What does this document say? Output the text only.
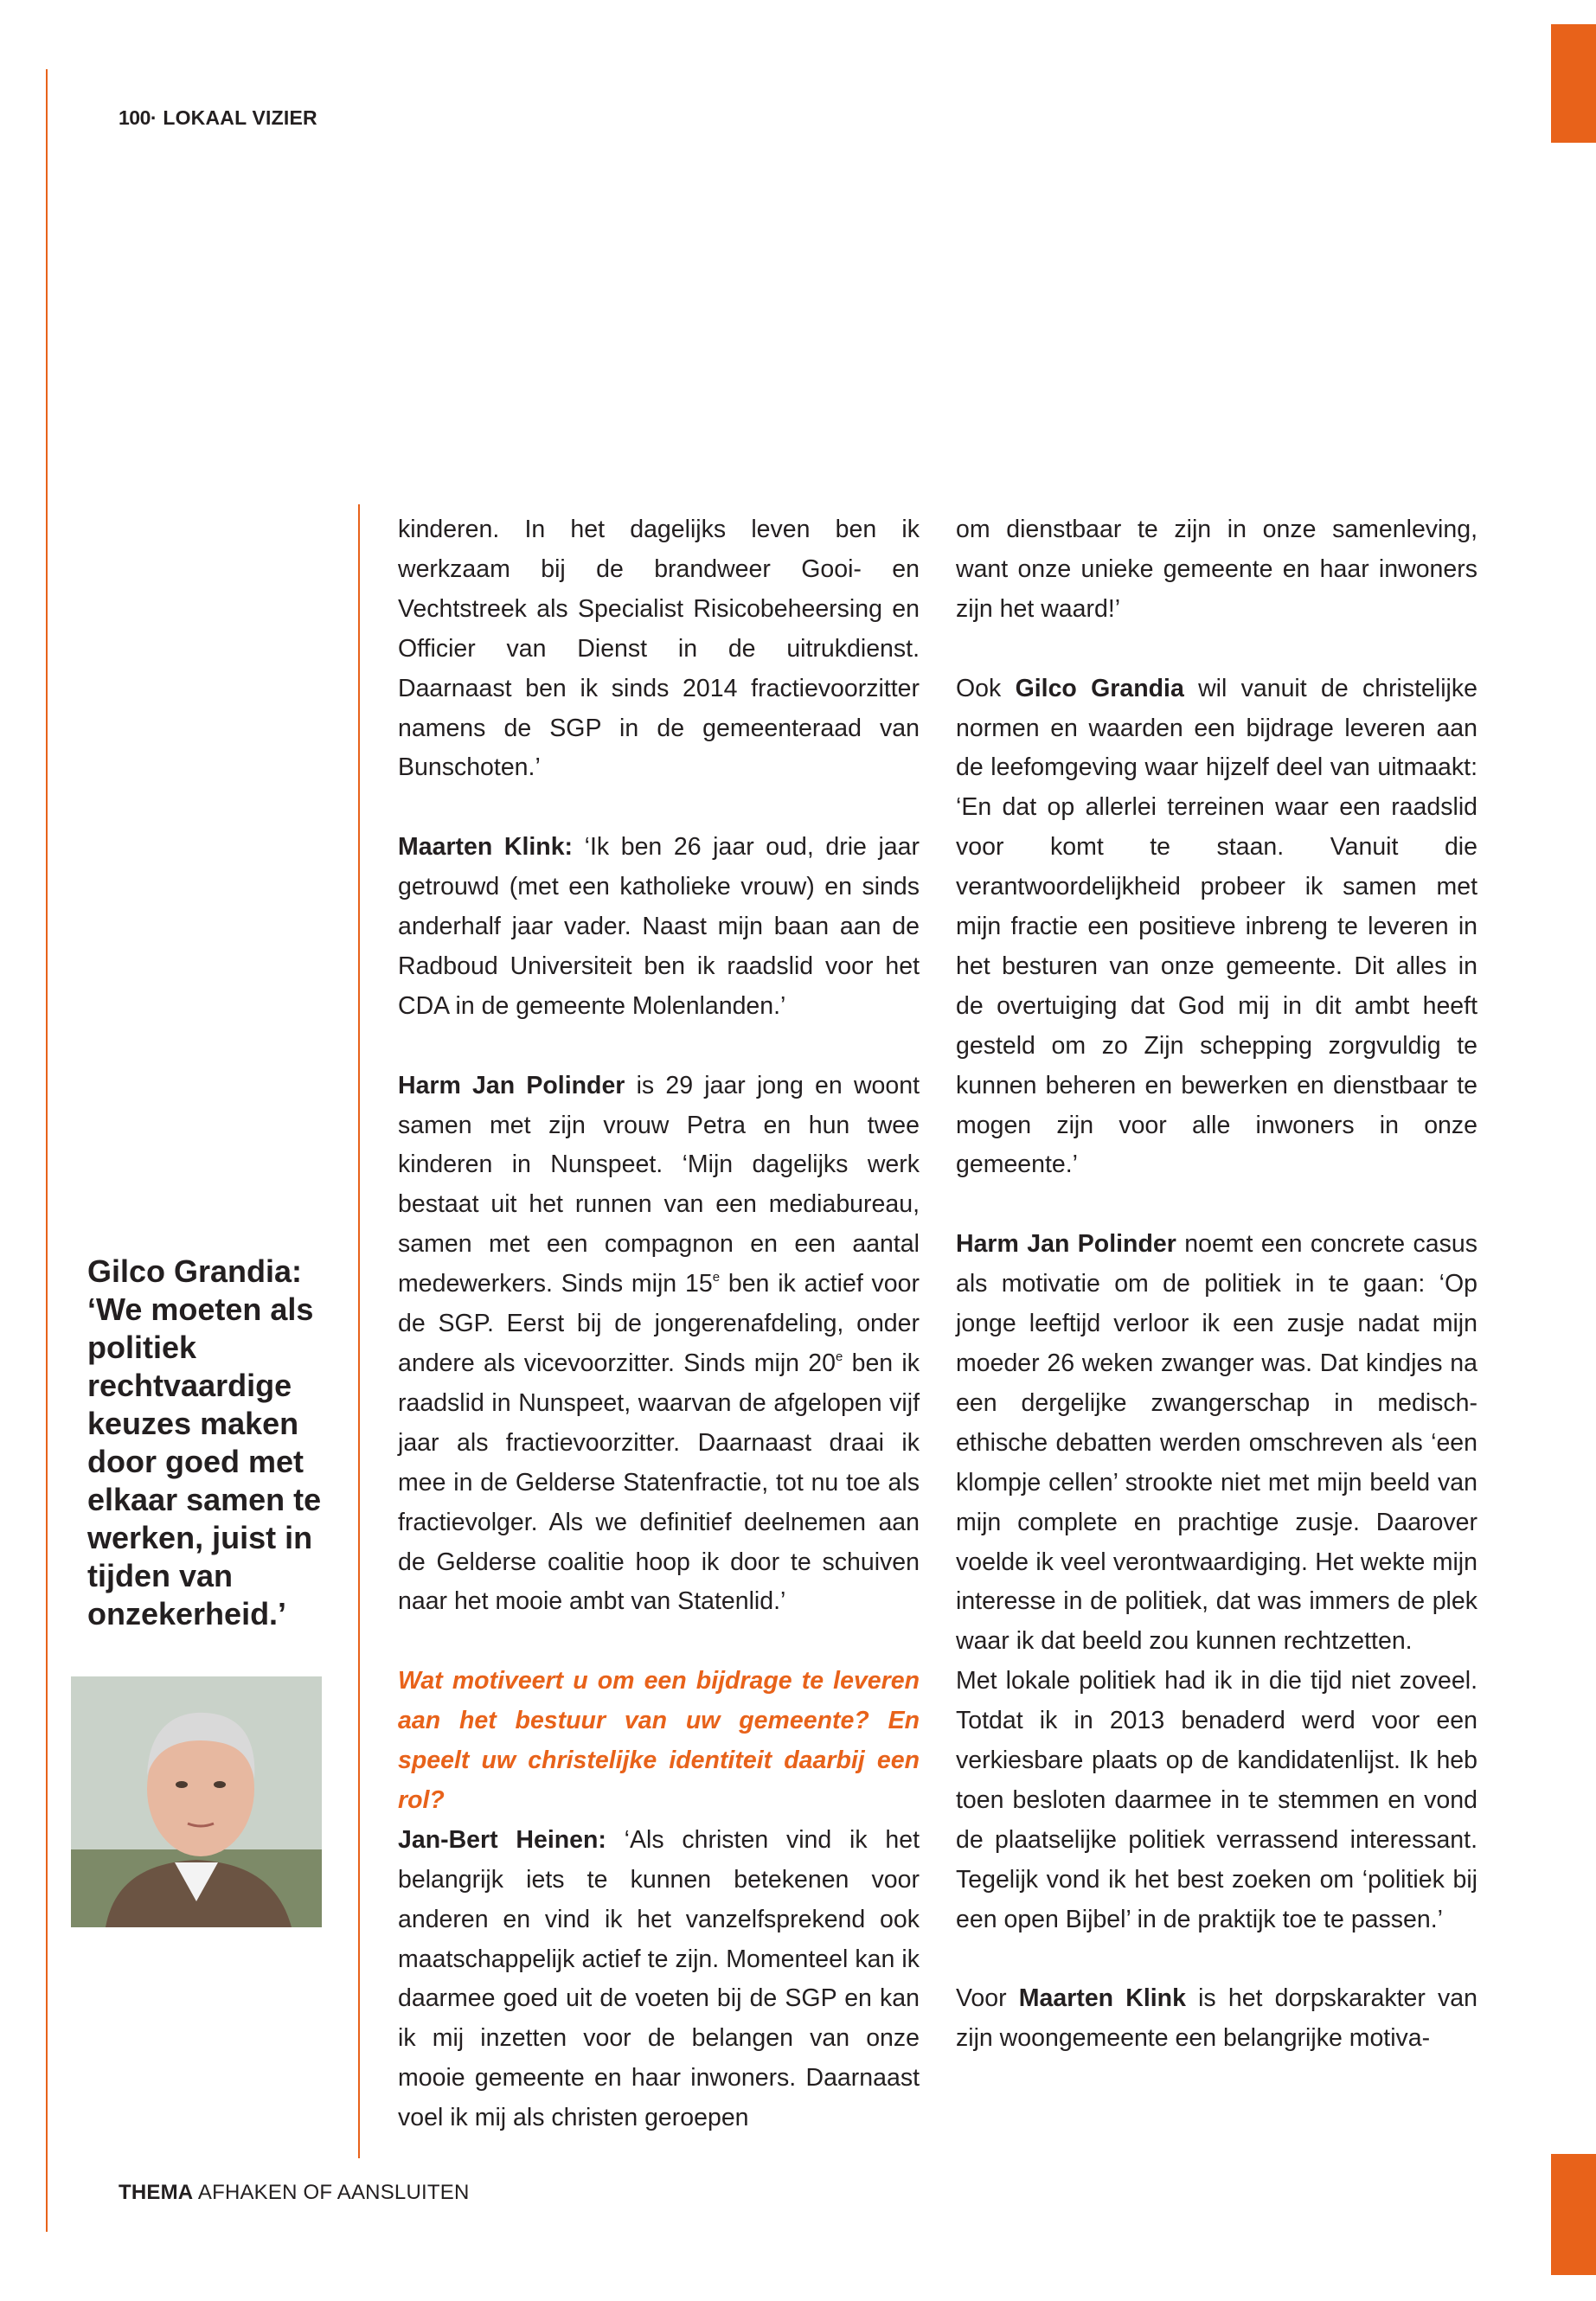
100· LOKAAL VIZIER
Gilco Grandia: ‘We moeten als politiek rechtvaardige keuzes maken door goed met elkaar samen te werken, juist in tijden van onzekerheid.’

kinderen. In het dagelijks leven ben ik werkzaam bij de brandweer Gooi- en Vechtstreek als Specialist Risicobeheersing en Officier van Dienst in de uitrukdienst. Daarnaast ben ik sinds 2014 fractievoorzitter namens de SGP in de gemeenteraad van Bunschoten.’

Maarten Klink: ‘Ik ben 26 jaar oud, drie jaar getrouwd (met een katholieke vrouw) en sinds anderhalf jaar vader. Naast mijn baan aan de Radboud Universiteit ben ik raadslid voor het CDA in de gemeente Molenlanden.’

Harm Jan Polinder is 29 jaar jong en woont samen met zijn vrouw Petra en hun twee kinderen in Nunspeet. ‘Mijn dagelijks werk bestaat uit het runnen van een mediabureau, samen met een compagnon en een aantal medewerkers. Sinds mijn 15e ben ik actief voor de SGP. Eerst bij de jongerenafdeling, onder andere als vicevoorzitter. Sinds mijn 20e ben ik raadslid in Nunspeet, waarvan de afgelopen vijf jaar als fractievoorzitter. Daarnaast draai ik mee in de Gelderse Statenfractie, tot nu toe als fractievolger. Als we definitief deelnemen aan de Gelderse coalitie hoop ik door te schuiven naar het mooie ambt van Statenlid.’

Wat motiveert u om een bijdrage te leveren aan het bestuur van uw gemeente? En speelt uw christelijke identiteit daarbij een rol?

Jan-Bert Heinen: ‘Als christen vind ik het belangrijk iets te kunnen betekenen voor anderen en vind ik het vanzelfsprekend ook maatschappelijk actief te zijn. Momenteel kan ik daarmee goed uit de voeten bij de SGP en kan ik mij inzetten voor de belangen van onze mooie gemeente en haar inwoners. Daarnaast voel ik mij als christen geroepen

om dienstbaar te zijn in onze samenleving, want onze unieke gemeente en haar inwoners zijn het waard!’

Ook Gilco Grandia wil vanuit de christelijke normen en waarden een bijdrage leveren aan de leefomgeving waar hijzelf deel van uitmaakt: ‘En dat op allerlei terreinen waar een raadslid voor komt te staan. Vanuit die verantwoordelijkheid probeer ik samen met mijn fractie een positieve inbreng te leveren in het besturen van onze gemeente. Dit alles in de overtuiging dat God mij in dit ambt heeft gesteld om zo Zijn schepping zorgvuldig te kunnen beheren en bewerken en dienstbaar te mogen zijn voor alle inwoners in onze gemeente.’

Harm Jan Polinder noemt een concrete casus als motivatie om de politiek in te gaan: ‘Op jonge leeftijd verloor ik een zusje nadat mijn moeder 26 weken zwanger was. Dat kindjes na een dergelijke zwangerschap in medisch-ethische debatten werden omschreven als ‘een klompje cellen’ strookte niet met mijn beeld van mijn complete en prachtige zusje. Daarover voelde ik veel verontwaardiging. Het wekte mijn interesse in de politiek, dat was immers de plek waar ik dat beeld zou kunnen rechtzetten.

Met lokale politiek had ik in die tijd niet zoveel. Totdat ik in 2013 benaderd werd voor een verkiesbare plaats op de kandidatenlijst. Ik heb toen besloten daarmee in te stemmen en vond de plaatselijke politiek verrassend interessant. Tegelijk vond ik het best zoeken om ‘politiek bij een open Bijbel’ in de praktijk toe te passen.’

Voor Maarten Klink is het dorpskarakter van zijn woongemeente een belangrijke motiva-

THEMA AFHAKEN OF AANSLUITEN
